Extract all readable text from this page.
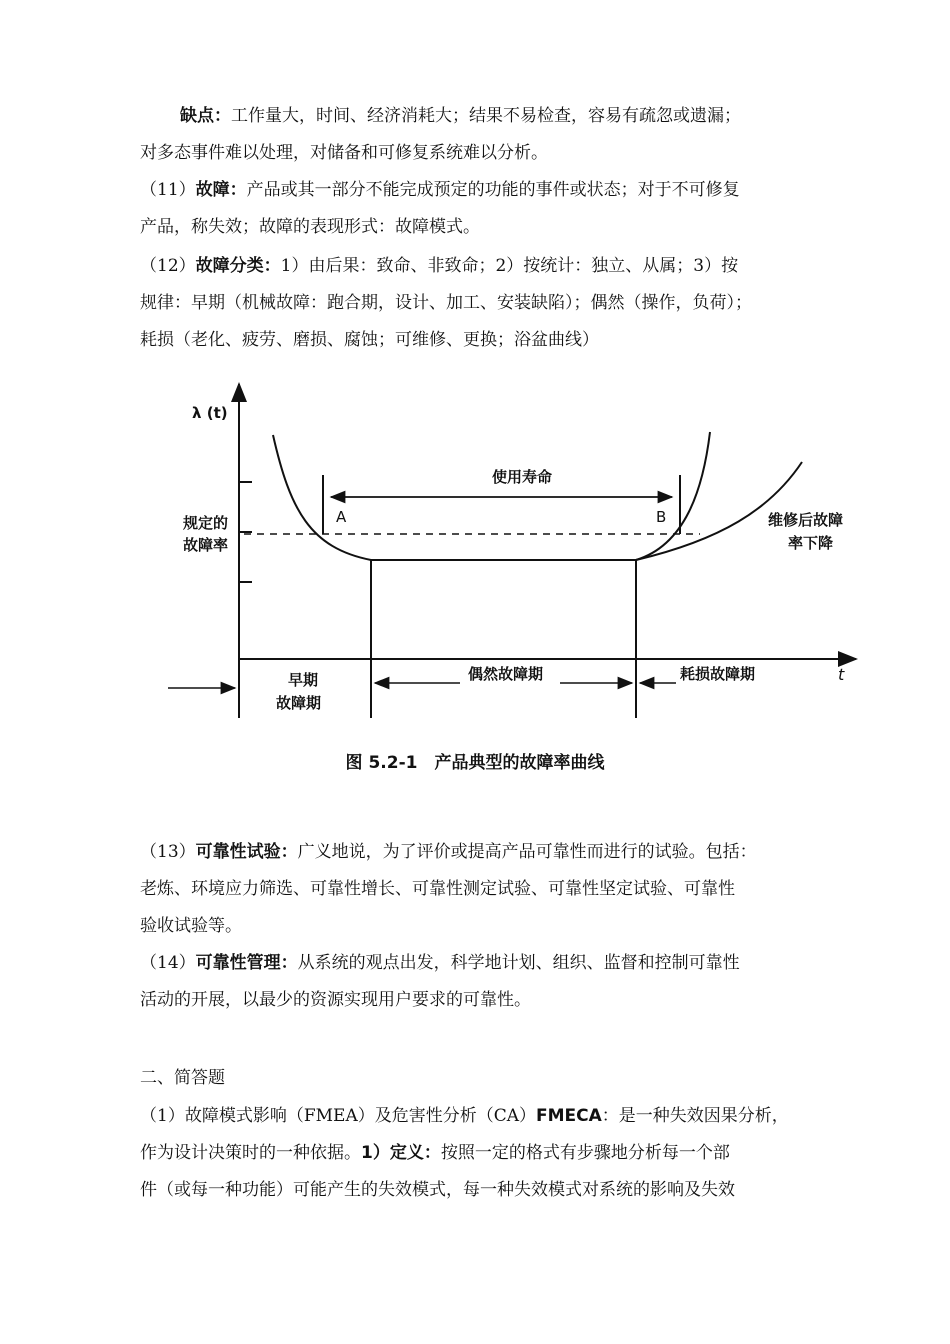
缺点：工作量大，时间、经济消耗大；结果不易检查，容易有疏忽或遗漏；
对多态事件难以处理，对储备和可修复系统难以分析。
（11）故障：产品或其一部分不能完成预定的功能的事件或状态；对于不可修复
产品，称失效；故障的表现形式：故障模式。
（12）故障分类：1）由后果：致命、非致命；2）按统计：独立、从属；3）按
规律：早期（机械故障：跑合期，设计、加工、安装缺陷）；偶然（操作，负荷）；
耗损（老化、疲劳、磨损、腐蚀；可维修、更换；浴盆曲线）
λ (t)
t
规定的
故障率
使用寿命
A	B	维修后故障
率下降
早期
故障期
偶然故障期	耗损故障期
图 5.2-1　产品典型的故障率曲线
（13）可靠性试验：广义地说，为了评价或提高产品可靠性而进行的试验。包括：
老炼、环境应力筛选、可靠性增长、可靠性测定试验、可靠性坚定试验、可靠性
验收试验等。
（14）可靠性管理：从系统的观点出发，科学地计划、组织、监督和控制可靠性
活动的开展，以最少的资源实现用户要求的可靠性。
二、简答题
（1）故障模式影响（FMEA）及危害性分析（CA）FMECA：是一种失效因果分析，
作为设计决策时的一种依据。1）定义：按照一定的格式有步骤地分析每一个部
件（或每一种功能）可能产生的失效模式，每一种失效模式对系统的影响及失效
